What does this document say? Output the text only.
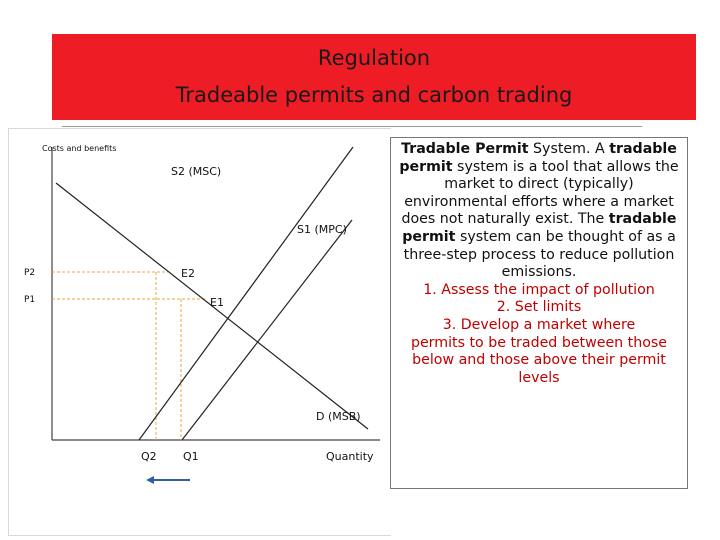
Regulation
Tradeable permits and carbon trading
Costs and benefits
S2 (MSC)
S1 (MPC)
D (MSB)
E2
E1
P2
P1
Q2 Q1	Quantity

Tradable Permit System. A tradable permit system is a tool that allows the market to direct (typically) environmental efforts where a market does not naturally exist. The tradable permit system can be thought of as a three-step process to reduce pollution emissions.

1. Assess the impact of pollution
2. Set limits
3. Develop a market where
permits to be traded between those below and those above their permit levels
